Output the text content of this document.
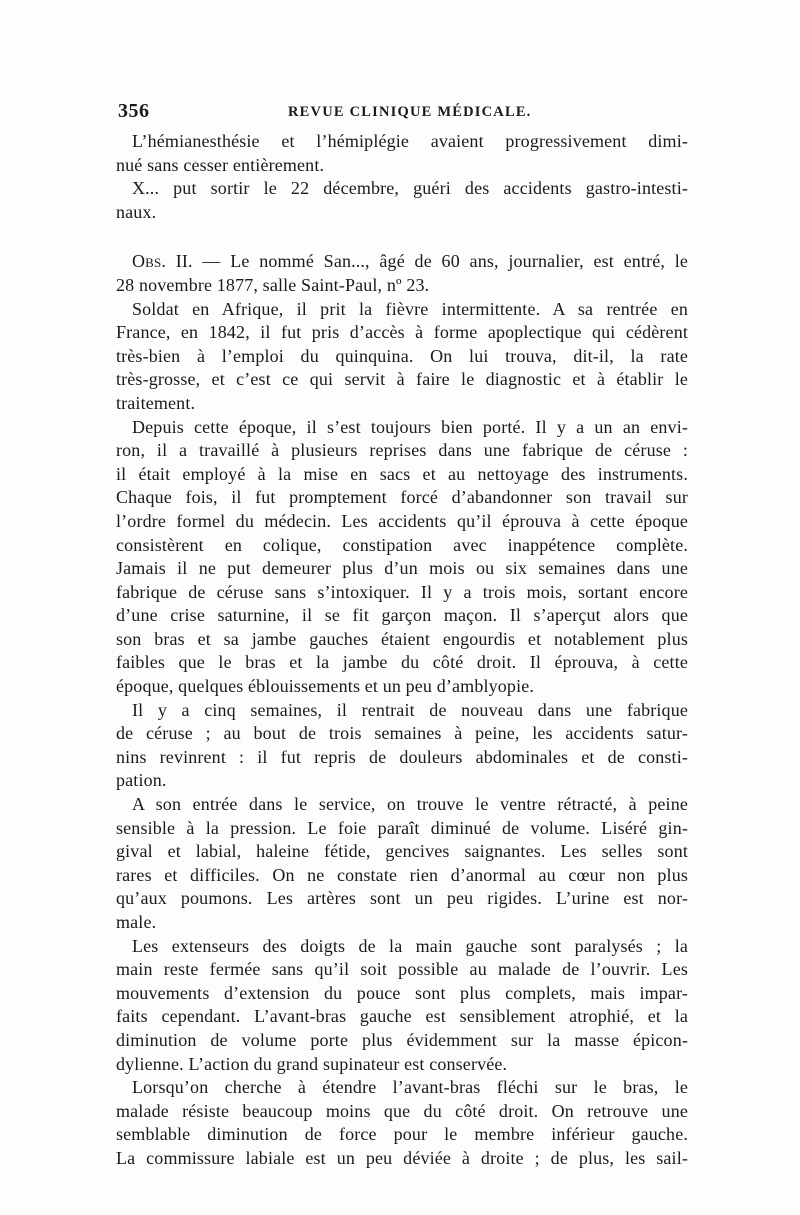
356	REVUE CLINIQUE MÉDICALE.
L’hémianesthésie et l’hémiplégie avaient progressivement dimi-
nué sans cesser entièrement.
X... put sortir le 22 décembre, guéri des accidents gastro-intesti-
naux.
Obs. II. — Le nommé San..., âgé de 60 ans, journalier, est entré, le
28 novembre 1877, salle Saint-Paul, nº 23.
Soldat en Afrique, il prit la fièvre intermittente. A sa rentrée en
France, en 1842, il fut pris d’accès à forme apoplectique qui cédèrent
très-bien à l’emploi du quinquina. On lui trouva, dit-il, la rate
très-grosse, et c’est ce qui servit à faire le diagnostic et à établir le
traitement.
Depuis cette époque, il s’est toujours bien porté. Il y a un an envi-
ron, il a travaillé à plusieurs reprises dans une fabrique de céruse :
il était employé à la mise en sacs et au nettoyage des instruments.
Chaque fois, il fut promptement forcé d’abandonner son travail sur
l’ordre formel du médecin. Les accidents qu’il éprouva à cette époque
consistèrent en colique, constipation avec inappétence complète.
Jamais il ne put demeurer plus d’un mois ou six semaines dans une
fabrique de céruse sans s’intoxiquer. Il y a trois mois, sortant encore
d’une crise saturnine, il se fit garçon maçon. Il s’aperçut alors que
son bras et sa jambe gauches étaient engourdis et notablement plus
faibles que le bras et la jambe du côté droit. Il éprouva, à cette
époque, quelques éblouissements et un peu d’amblyopie.
Il y a cinq semaines, il rentrait de nouveau dans une fabrique
de céruse ; au bout de trois semaines à peine, les accidents satur-
nins revinrent : il fut repris de douleurs abdominales et de consti-
pation.
A son entrée dans le service, on trouve le ventre rétracté, à peine
sensible à la pression. Le foie paraît diminué de volume. Liséré gin-
gival et labial, haleine fétide, gencives saignantes. Les selles sont
rares et difficiles. On ne constate rien d’anormal au cœur non plus
qu’aux poumons. Les artères sont un peu rigides. L’urine est nor-
male.
Les extenseurs des doigts de la main gauche sont paralysés ; la
main reste fermée sans qu’il soit possible au malade de l’ouvrir. Les
mouvements d’extension du pouce sont plus complets, mais impar-
faits cependant. L’avant-bras gauche est sensiblement atrophié, et la
diminution de volume porte plus évidemment sur la masse épicon-
dylienne. L’action du grand supinateur est conservée.
Lorsqu’on cherche à étendre l’avant-bras fléchi sur le bras, le
malade résiste beaucoup moins que du côté droit. On retrouve une
semblable diminution de force pour le membre inférieur gauche.
La commissure labiale est un peu déviée à droite ; de plus, les sail-
